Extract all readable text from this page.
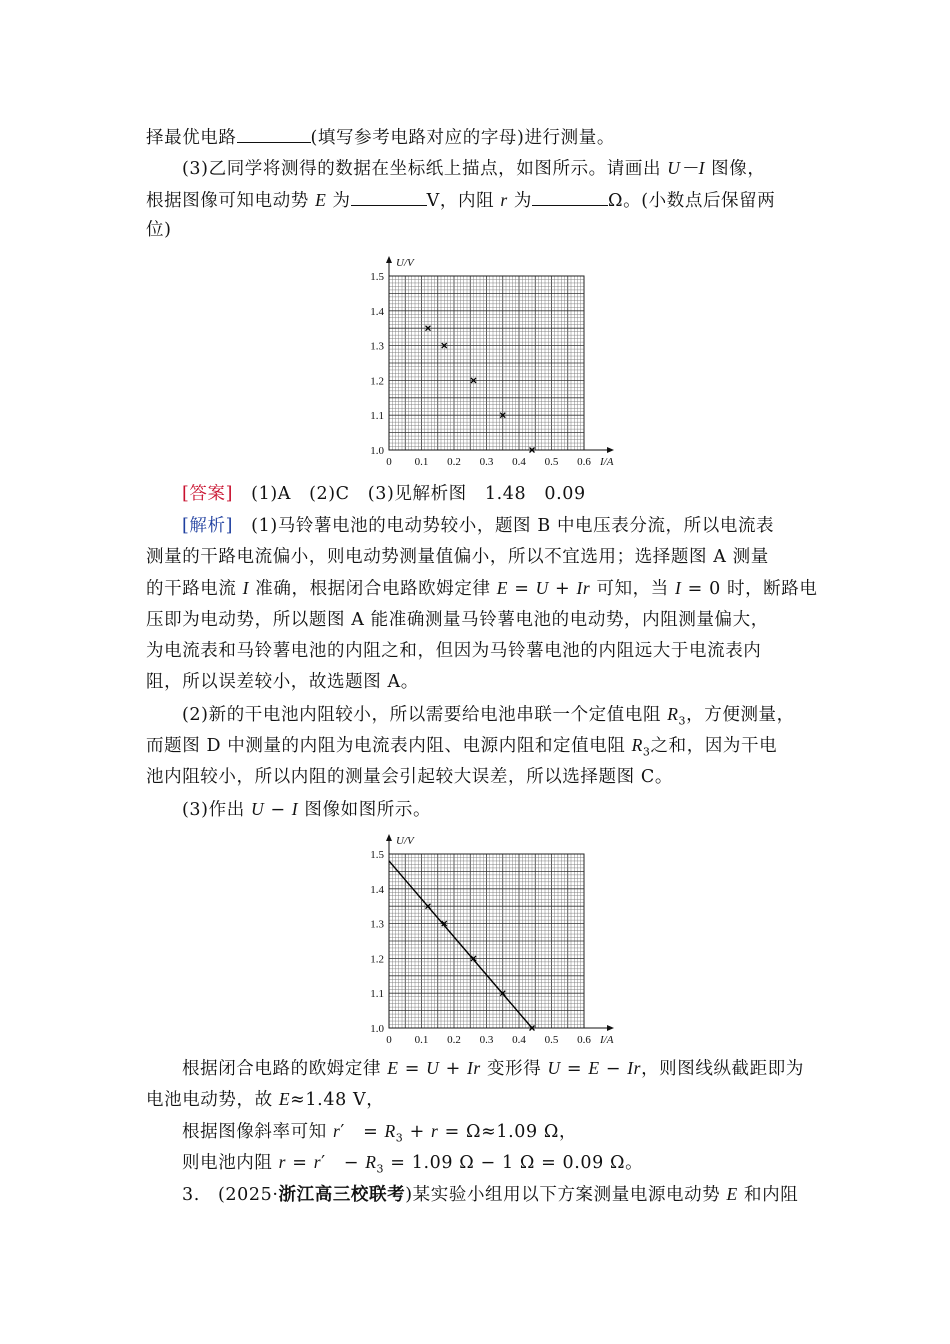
择最优电路	(填写参考电路对应的字母)进行测量。
(3)乙同学将测得的数据在坐标纸上描点，如图所示。请画出 U－I 图像，
根据图像可知电动势 E 为	V，内阻 r 为	Ω。(小数点后保留两
位)
0 0.1 0.2 0.3 0.4 0.5 0.6
1.0
1.1
1.2
1.3
1.4
1.5
I/A
U/V
[答案]　 (1)A　(2)C　(3)见解析图　1.48　0.09
[解析]　 (1)马铃薯电池的电动势较小，题图 B 中电压表分流，所以电流表
测量的干路电流偏小，则电动势测量值偏小，所以不宜选用；选择题图 A 测量
的干路电流 I 准确，根据闭合电路欧姆定律 E = U + Ir 可知，当 I = 0 时，断路电
压即为电动势，所以题图 A 能准确测量马铃薯电池的电动势，内阻测量偏大，
为电流表和马铃薯电池的内阻之和，但因为马铃薯电池的内阻远大于电流表内
阻，所以误差较小，故选题图 A。
(2)新的干电池内阻较小，所以需要给电池串联一个定值电阻 $R_3$，方便测量，
而题图 D 中测量的内阻为电流表内阻、电源内阻和定值电阻 $R_3$之和，因为干电
池内阻较小，所以内阻的测量会引起较大误差，所以选择题图 C。
(3)作出 U − I 图像如图所示。
0 0.1 0.2 0.3 0.4 0.5 0.6
1.0
1.1
1.2
1.3
1.4
1.5
I/A
U/V
根据闭合电路的欧姆定律 E = U + Ir 变形得 U = E − Ir，则图线纵截距即为
电池电动势，故 E≈1.48 V，
根据图像斜率可知 r′　= $R_3 + r = \Omega\approx 1.09$ Ω，
则电池内阻 r = r′　− $R_3 = 1.09$ Ω − 1 Ω = 0.09 Ω。
3.　(2025·浙江高三校联考)某实验小组用以下方案测量电源电动势 E 和内阻
